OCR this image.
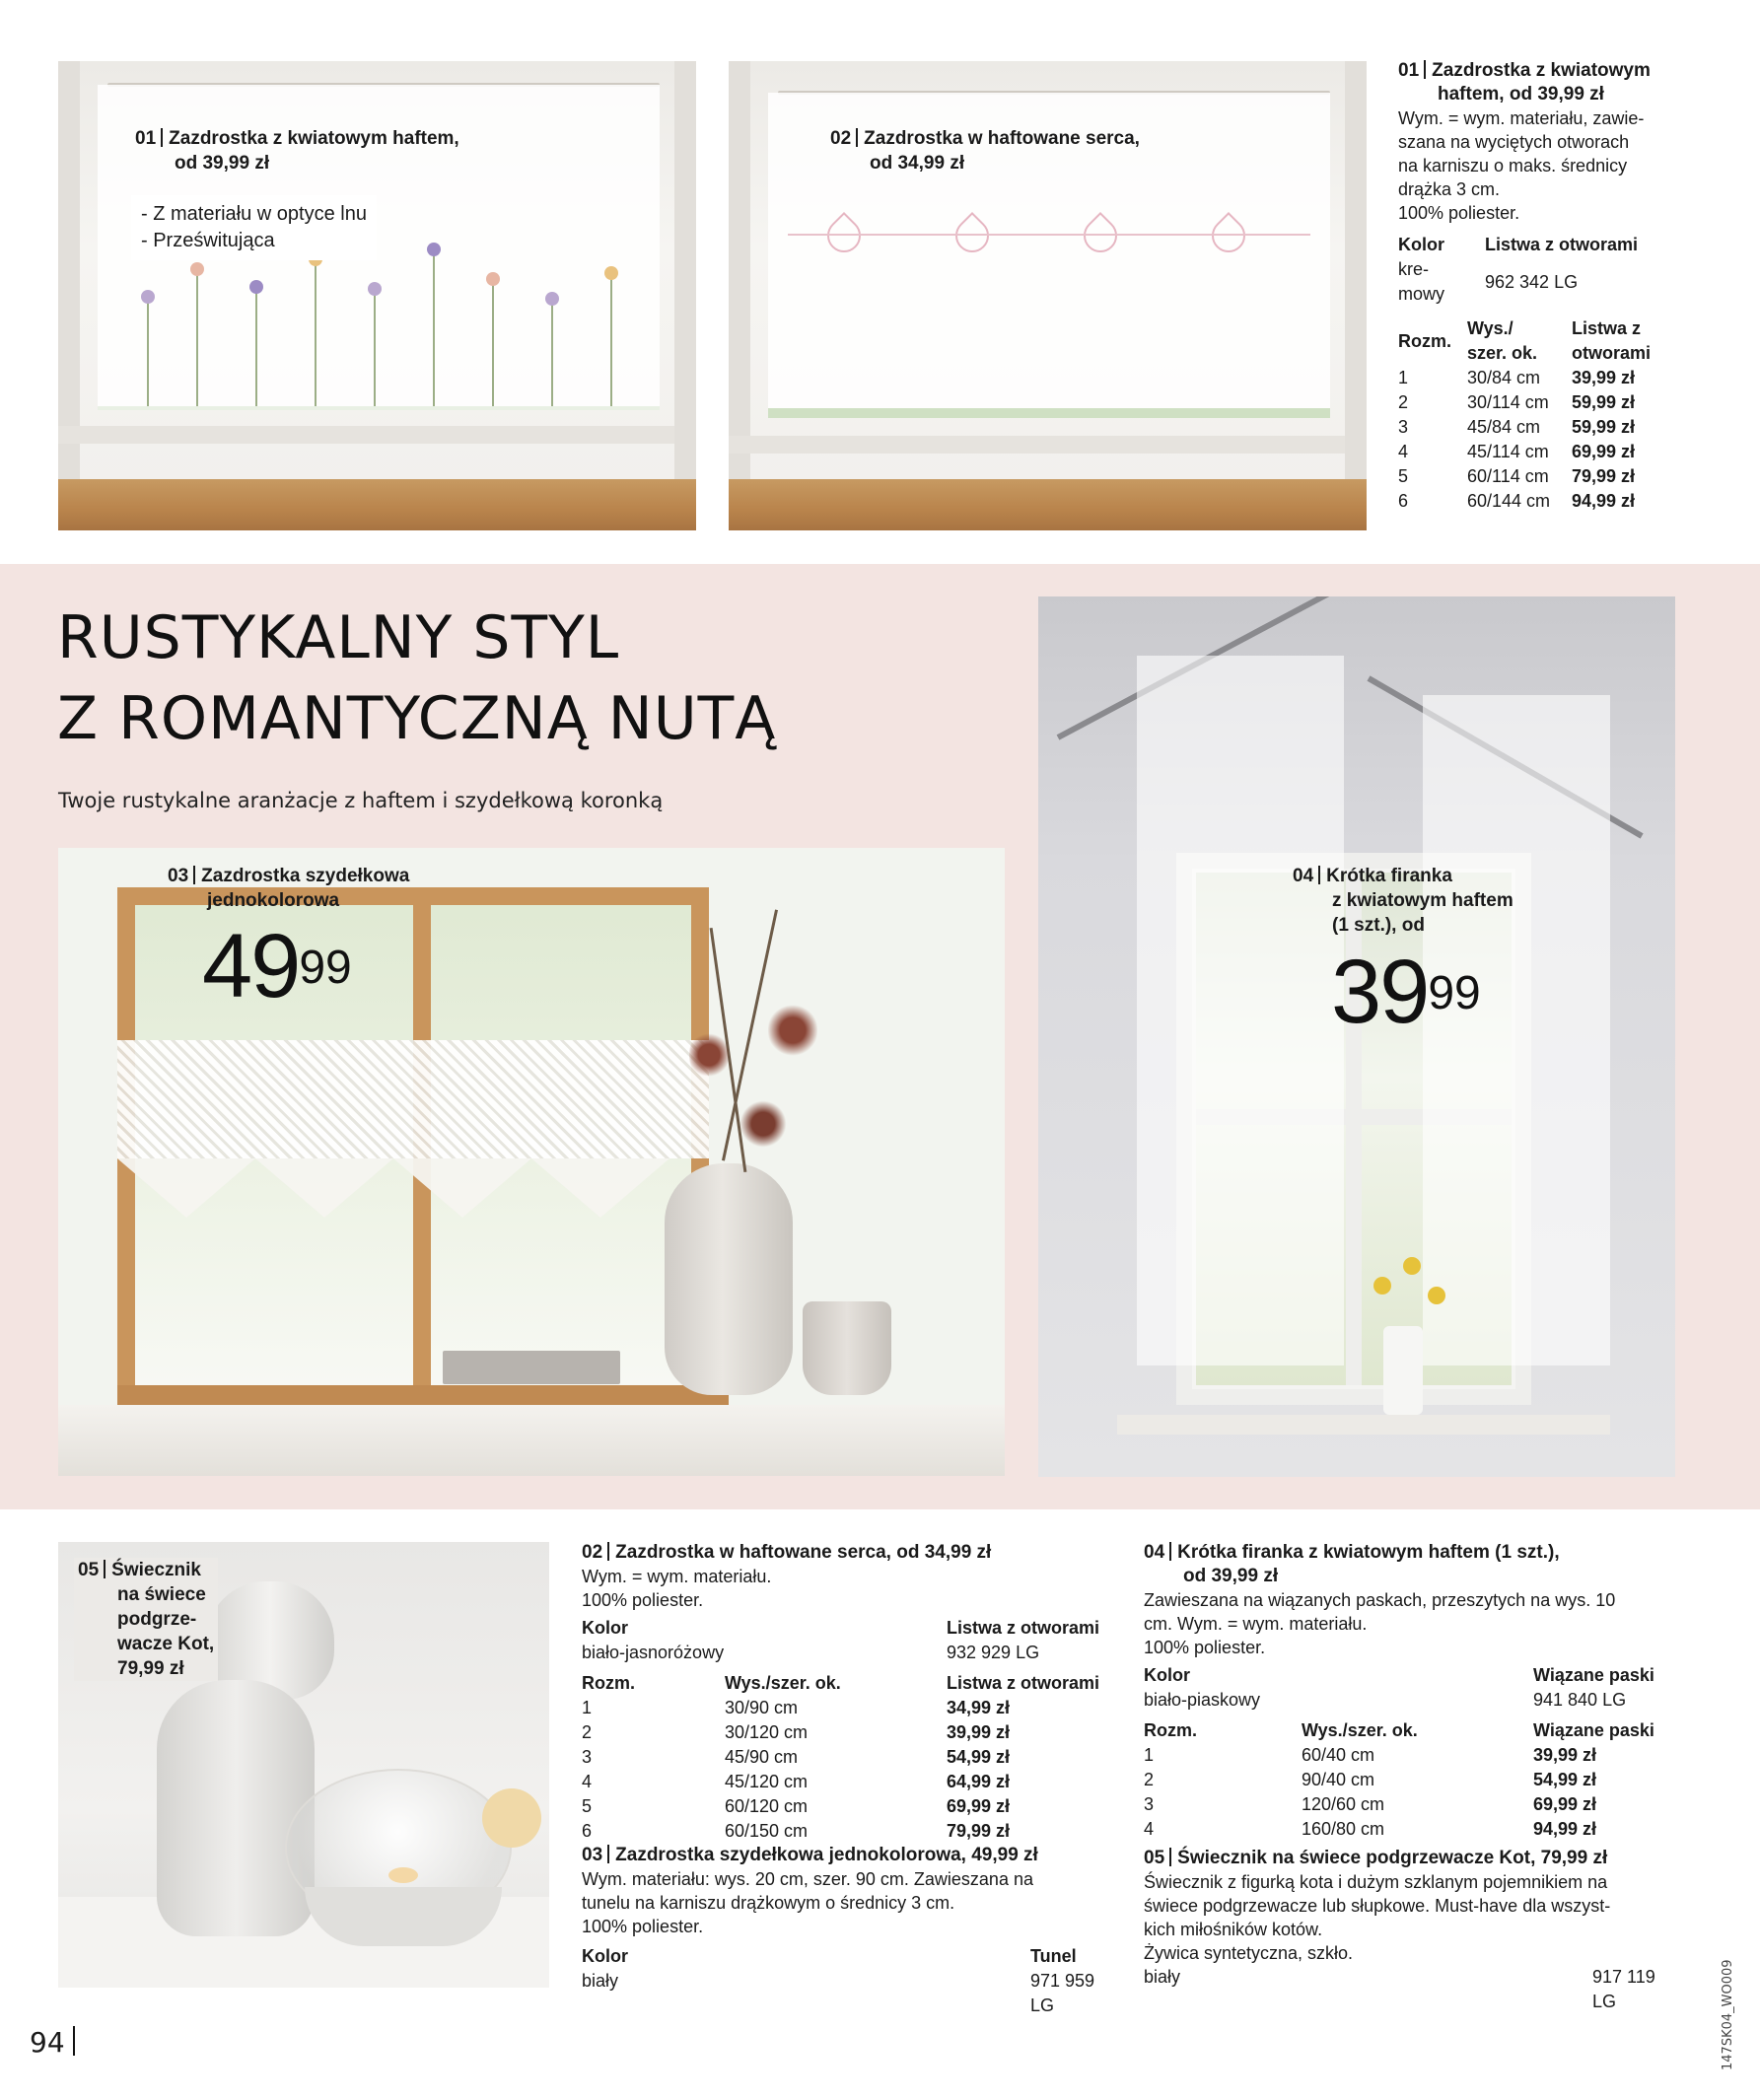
01 Zazdrostka z kwiatowym haftem,
od 39,99 zł
- Z materiału w optyce lnu
- Prześwitująca
02 Zazdrostka w haftowane serca,
od 34,99 zł
01 Zazdrostka z kwiatowym
haftem, od 39,99 zł
Wym. = wym. materiału, zawie-
szana na wyciętych otworach
na karniszu o maks. średnicy
drążka 3 cm.
100% poliester.
Kolor	Listwa z otworami
kre-
mowy	962 342 LG
Rozm.	Wys./
szer. ok.	Listwa z
otworami
1	30/84 cm	39,99 zł
2	30/114 cm	59,99 zł
3	45/84 cm	59,99 zł
4	45/114 cm	69,99 zł
5	60/114 cm	79,99 zł
6	60/144 cm	94,99 zł
RUSTYKALNY STYL
Z ROMANTYCZNĄ NUTĄ
Twoje rustykalne aranżacje z haftem i szydełkową koronką
03 Zazdrostka szydełkowa
jednokolorowa
$49^{99}$
04 Krótka firanka
z kwiatowym haftem
(1 szt.), od
$39^{99}$
05 Świecznik
na świece
podgrze-
wacze Kot,
79,99 zł
02 Zazdrostka w haftowane serca, od 34,99 zł
Wym. = wym. materiału.
100% poliester.
Kolor	Listwa z otworami
biało-jasnoróżowy	932 929 LG
Rozm.	Wys./szer. ok.	Listwa z otworami
1	30/90 cm	34,99 zł
2	30/120 cm	39,99 zł
3	45/90 cm	54,99 zł
4	45/120 cm	64,99 zł
5	60/120 cm	69,99 zł
6	60/150 cm	79,99 zł
03 Zazdrostka szydełkowa jednokolorowa, 49,99 zł
Wym. materiału: wys. 20 cm, szer. 90 cm. Zawieszana na
tunelu na karniszu drążkowym o średnicy 3 cm.
100% poliester.
Kolor	Tunel
biały	971 959 LG
04 Krótka firanka z kwiatowym haftem (1 szt.),
od 39,99 zł
Zawieszana na wiązanych paskach, przeszytych na wys. 10
cm. Wym. = wym. materiału.
100% poliester.
Kolor	Wiązane paski
biało-piaskowy	941 840 LG
Rozm.	Wys./szer. ok.	Wiązane paski
1	60/40 cm	39,99 zł
2	90/40 cm	54,99 zł
3	120/60 cm	69,99 zł
4	160/80 cm	94,99 zł
05 Świecznik na świece podgrzewacze Kot, 79,99 zł
Świecznik z figurką kota i dużym szklanym pojemnikiem na
świece podgrzewacze lub słupkowe. Must-have dla wszyst-
kich miłośników kotów.
Żywica syntetyczna, szkło.
biały	917 119 LG
94	147SK04_WO009
